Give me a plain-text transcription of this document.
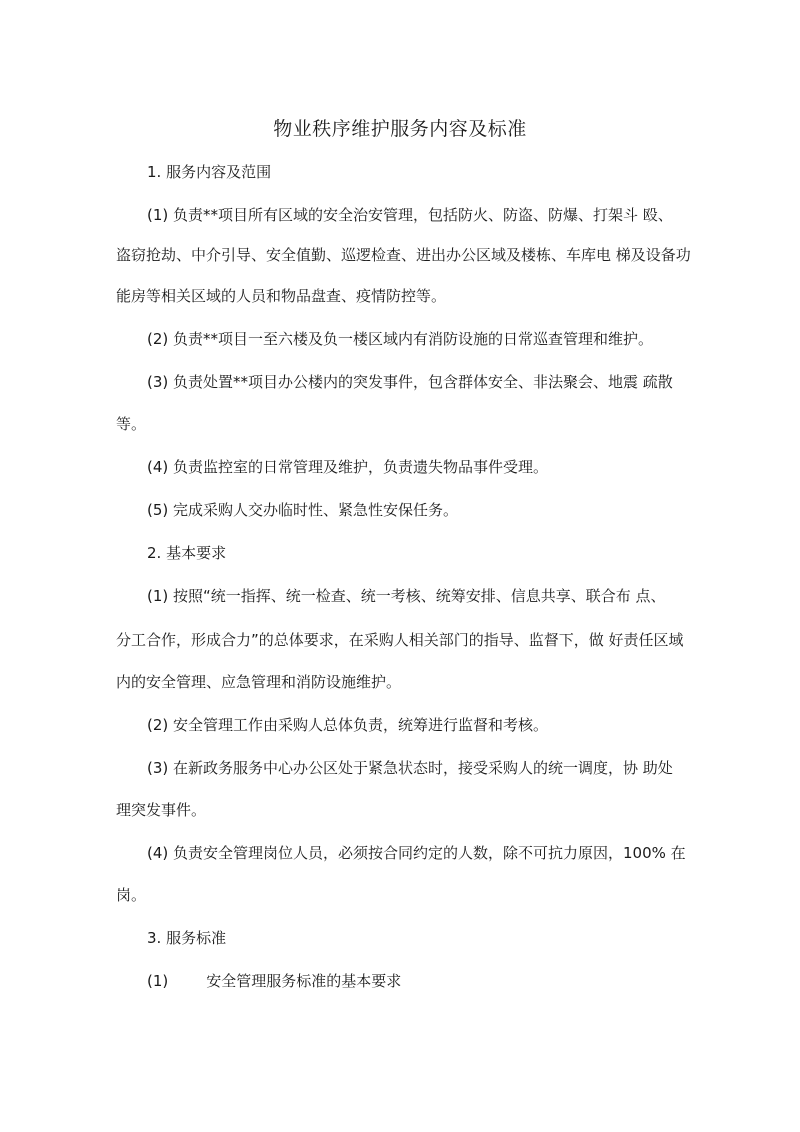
物业秩序维护服务内容及标准
1. 服务内容及范围
(1) 负责**项目所有区域的安全治安管理，包括防火、防盗、防爆、打架斗 殴、
盗窃抢劫、中介引导、安全值勤、巡逻检查、进出办公区域及楼栋、车库电 梯及设备功
能房等相关区域的人员和物品盘查、疫情防控等。
(2) 负责**项目一至六楼及负一楼区域内有消防设施的日常巡查管理和维护。
(3) 负责处置**项目办公楼内的突发事件，包含群体安全、非法聚会、地震 疏散
等。
(4) 负责监控室的日常管理及维护，负责遗失物品事件受理。
(5) 完成采购人交办临时性、紧急性安保任务。
2. 基本要求
(1) 按照“统一指挥、统一检查、统一考核、统筹安排、信息共享、联合布 点、
分工合作，形成合力”的总体要求，在采购人相关部门的指导、监督下，做 好责任区域
内的安全管理、应急管理和消防设施维护。
(2) 安全管理工作由采购人总体负责，统筹进行监督和考核。
(3) 在新政务服务中心办公区处于紧急状态时，接受采购人的统一调度，协 助处
理突发事件。
(4) 负责安全管理岗位人员，必须按合同约定的人数，除不可抗力原因，100% 在
岗。
3. 服务标准
(1)	安全管理服务标准的基本要求
